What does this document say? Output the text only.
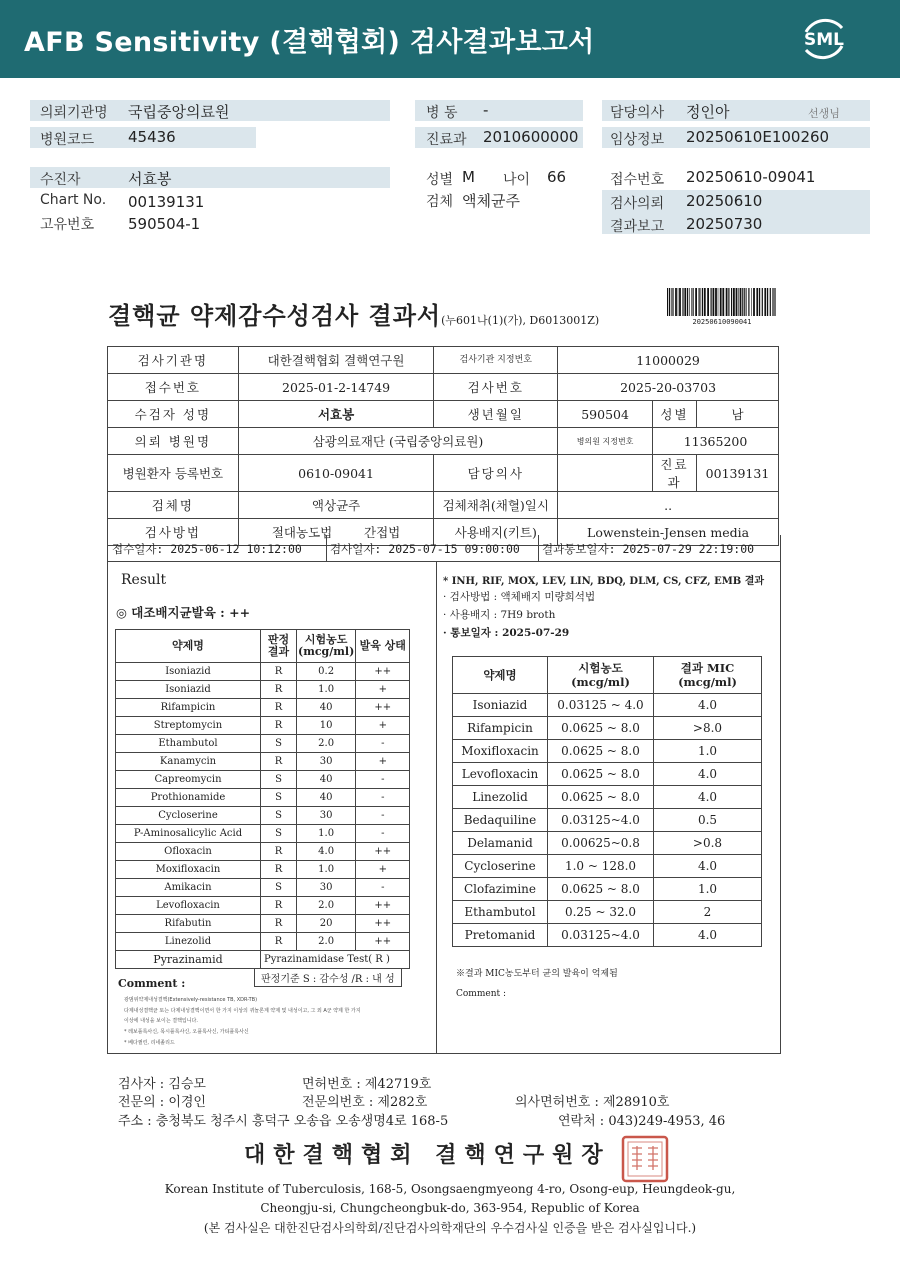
AFB Sensitivity (결핵협회) 검사결과보고서	SML
의뢰기관명 국립중앙의료원
병원코드 45436
병 동 -
진료과 2010600000
담당의사 정인아	선생님
임상정보 20250610E100260
수진자	서효봉
Chart No. 00139131
고유번호 590504-1
성별 M 나이 66
검체 액체균주
접수번호 20250610-09041
검사의뢰 20250610
결과보고 20250730
결핵균 약제감수성검사 결과서(누601나(1)(가), D6013001Z)	20250610090041
검사기관명	대한결핵협회 결핵연구원	검사기관 지정번호	11000029		
접수번호	2025-01-2-14749	검사번호	2025-20-03703		
수검자 성명	서효봉	생년월일	590504	성별	남
의뢰 병원명	삼광의료재단 (국립중앙의료원)		병의원 지정번호	11365200	
병원환자 등록번호	0610-09041	담당의사		진료과	00139131
검체명	액상균주	검체채취(채혈)일시	..		
검사방법	절대농도법 간접법	사용배지(키트)	Lowenstein-Jensen media		
접수일자: 2025-06-12 10:12:00 검사일자: 2025-07-15 09:00:00 결과통보일자: 2025-07-29 22:19:00
Result
◎ 대조배지균발육 : ++
약제명	판정 결과	시험농도 (mcg/ml)	발육 상태
Isoniazid	R	0.2	++
Isoniazid	R	1.0	+
Rifampicin	R	40	++
Streptomycin	R	10	+
Ethambutol	S	2.0	-
Kanamycin	R	30	+
Capreomycin	S	40	-
Prothionamide	S	40	-
Cycloserine	S	30	-
P-Aminosalicylic Acid	S	1.0	-
Ofloxacin	R	4.0	++
Moxifloxacin	R	1.0	+
Amikacin	S	30	-
Levofloxacin	R	2.0	++
Rifabutin	R	20	++
Linezolid	R	2.0	++
Pyrazinamid	Pyrazinamidase Test( R )		
판정기준 S : 감수성 /R : 내 성
Comment :
광범위약제내성결핵(Extensively-resistance TB, XDR-TB)
다제내성결핵균 또는 다제내성결핵이면서 한 가지 이상의 퀴놀론계 약제 및 내성이고, 그 외 A군 약제 한 가지
이상에 내성을 보이는 결핵입니다.
* 레보플록사신, 목시플록사신, 오플록사신, 가티플록사신
* 베다퀼린, 리네졸리드
* INH, RIF, MOX, LEV, LIN, BDQ, DLM, CS, CFZ, EMB 결과
· 검사방법 : 액체배지 미량희석법
· 사용배지 : 7H9 broth
· 통보일자 : 2025-07-29
약제명	시험농도 (mcg/ml)	결과 MIC (mcg/ml)
Isoniazid	0.03125 ~ 4.0	4.0
Rifampicin	0.0625 ~ 8.0	>8.0
Moxifloxacin	0.0625 ~ 8.0	1.0
Levofloxacin	0.0625 ~ 8.0	4.0
Linezolid	0.0625 ~ 8.0	4.0
Bedaquiline	0.03125~4.0	0.5
Delamanid	0.00625~0.8	>0.8
Cycloserine	1.0 ~ 128.0	4.0
Clofazimine	0.0625 ~ 8.0	1.0
Ethambutol	0.25 ~ 32.0	2
Pretomanid	0.03125~4.0	4.0
※결과 MIC농도부터 균의 발육이 억제됨
Comment :
검사자 : 김승모	면허번호 : 제42719호
전문의 : 이경인	전문의번호 : 제282호	의사면허번호 : 제28910호
주소 : 충청북도 청주시 흥덕구 오송읍 오송생명4로 168-5	연락처 : 043)249-4953, 46
대한결핵협회 결핵연구원장
Korean Institute of Tuberculosis, 168-5, Osongsaengmyeong 4-ro, Osong-eup, Heungdeok-gu,
Cheongju-si, Chungcheongbuk-do, 363-954, Republic of Korea
(본 검사실은 대한진단검사의학회/진단검사의학재단의 우수검사실 인증을 받은 검사실입니다.)
